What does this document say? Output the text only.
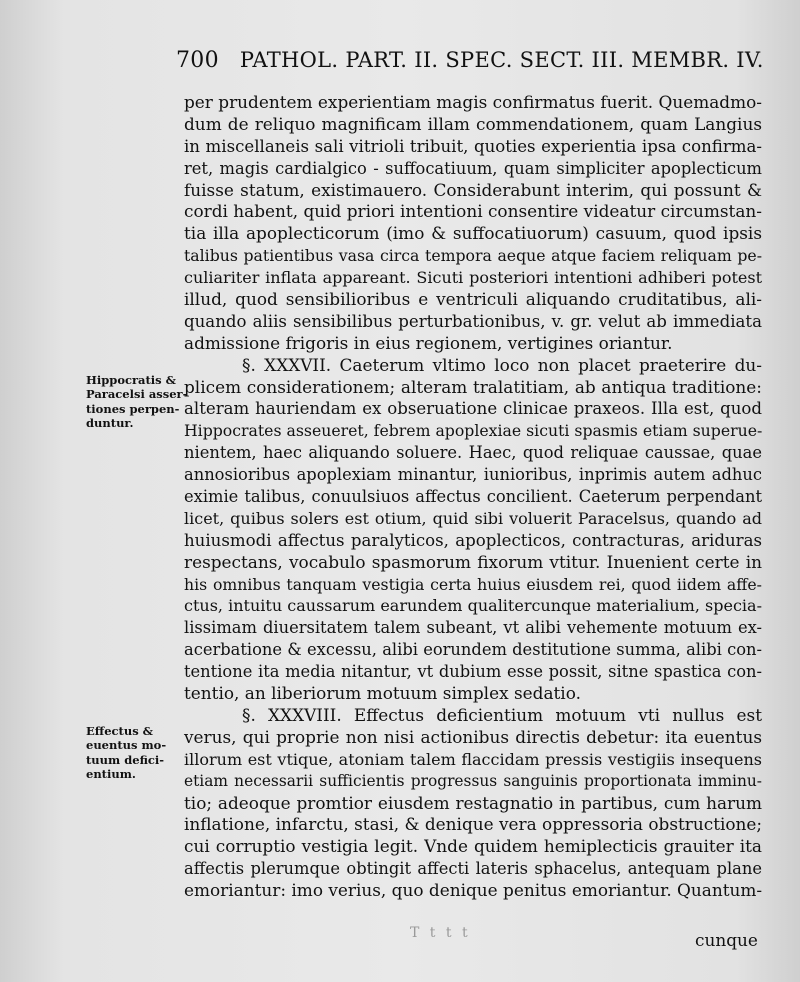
700 PATHOL. PART. II. SPEC. SECT. III. MEMBR. IV.
Hippocratis &
Paracelsi asser-
tiones perpen-
duntur.
Effectus &
euentus mo-
tuum defici-
entium.
per prudentem experientiam magis confirmatus fuerit. Quemadmo-
dum de reliquo magnificam illam commendationem, quam Langius
in miscellaneis sali vitrioli tribuit, quoties experientia ipsa confirma-
ret, magis cardialgico - suffocatiuum, quam simpliciter apoplecticum
fuisse statum, existimauero. Considerabunt interim, qui possunt &
cordi habent, quid priori intentioni consentire videatur circumstan-
tia illa apoplecticorum (imo & suffocatiuorum) casuum, quod ipsis
talibus patientibus vasa circa tempora aeque atque faciem reliquam pe-
culiariter inflata appareant. Sicuti posteriori intentioni adhiberi potest
illud, quod sensibilioribus e ventriculi aliquando cruditatibus, ali-
quando aliis sensibilibus perturbationibus, v. gr. velut ab immediata
admissione frigoris in eius regionem, vertigines oriantur.
§. XXXVII. Caeterum vltimo loco non placet praeterire du-
plicem considerationem; alteram tralatitiam, ab antiqua traditione:
alteram hauriendam ex obseruatione clinicae praxeos. Illa est, quod
Hippocrates asseueret, febrem apoplexiae sicuti spasmis etiam superue-
nientem, haec aliquando soluere. Haec, quod reliquae caussae, quae
annosioribus apoplexiam minantur, iunioribus, inprimis autem adhuc
eximie talibus, conuulsiuos affectus concilient. Caeterum perpendant
licet, quibus solers est otium, quid sibi voluerit Paracelsus, quando ad
huiusmodi affectus paralyticos, apoplecticos, contracturas, ariduras
respectans, vocabulo spasmorum fixorum vtitur. Inuenient certe in
his omnibus tanquam vestigia certa huius eiusdem rei, quod iidem affe-
ctus, intuitu caussarum earundem qualitercunque materialium, specia-
lissimam diuersitatem talem subeant, vt alibi vehemente motuum ex-
acerbatione & excessu, alibi eorundem destitutione summa, alibi con-
tentione ita media nitantur, vt dubium esse possit, sitne spastica con-
tentio, an liberiorum motuum simplex sedatio.
§. XXXVIII. Effectus deficientium motuum vti nullus est
verus, qui proprie non nisi actionibus directis debetur: ita euentus
illorum est vtique, atoniam talem flaccidam pressis vestigiis insequens
etiam necessarii sufficientis progressus sanguinis proportionata imminu-
tio; adeoque promtior eiusdem restagnatio in partibus, cum harum
inflatione, infarctu, stasi, & denique vera oppressoria obstructione;
cui corruptio vestigia legit. Vnde quidem hemiplecticis grauiter ita
affectis plerumque obtingit affecti lateris sphacelus, antequam plane
emoriantur: imo verius, quo denique penitus emoriantur. Quantum-
T t t t	cunque
